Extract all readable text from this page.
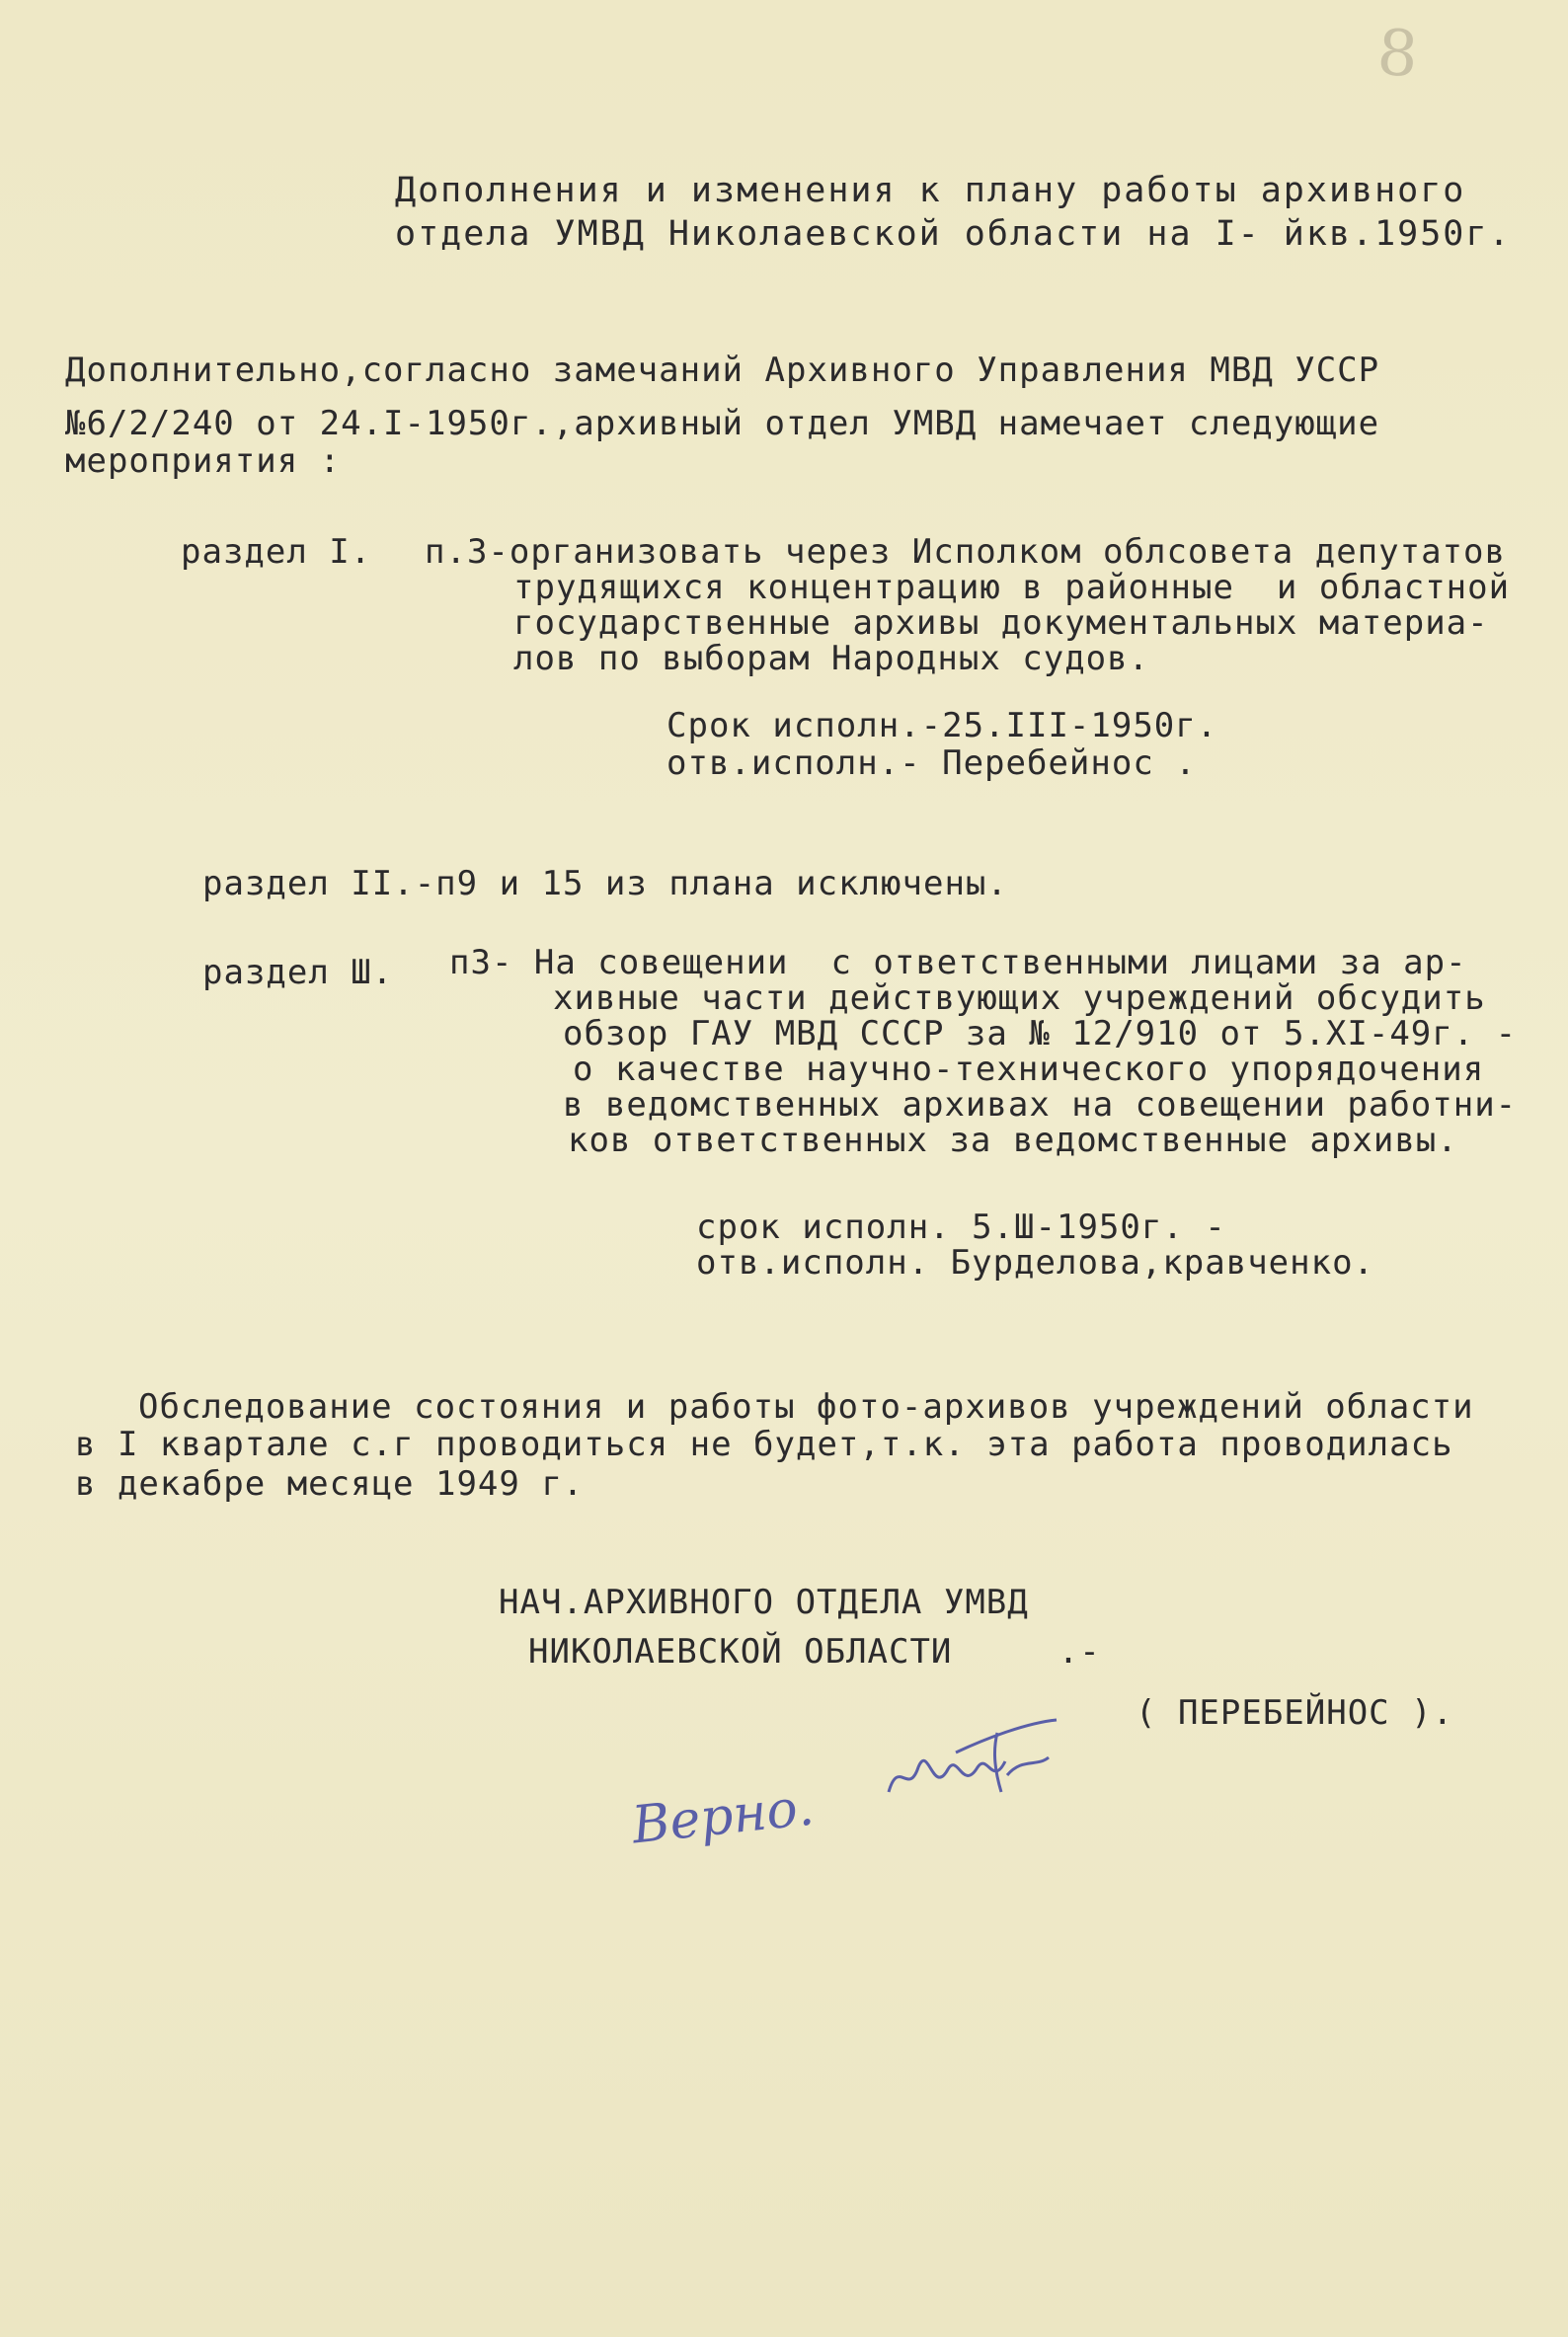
8
Дополнения и изменения к плану работы архивного
отдела УМВД Николаевской области на I- йкв.1950г.
Дополнительно,согласно замечаний Архивного Управления МВД УССР
№6/2/240 от 24.I-1950г.,архивный отдел УМВД намечает следующие
мероприятия :
раздел I. п.3-организовать через Исполком облсовета депутатов
трудящихся концентрацию в районные  и областной
государственные архивы документальных материа-
лов по выборам Народных судов.
Срок исполн.-25.III-1950г.
отв.исполн.- Перебейнос .
раздел II.-п9 и 15 из плана исключены.
раздел Ш. п3- На совещении  с ответственными лицами за ар-
хивные части действующих учреждений обсудить
обзор ГАУ МВД СССР за № 12/910 от 5.XI-49г. -
о качестве научно-технического упорядочения
в ведомственных архивах на совещении работни-
ков ответственных за ведомственные архивы.
срок исполн. 5.Ш-1950г. -
отв.исполн. Бурделова,кравченко.
Обследование состояния и работы фото-архивов учреждений области
в I квартале с.г проводиться не будет,т.к. эта работа проводилась
в декабре месяце 1949 г.
НАЧ.АРХИВНОГО ОТДЕЛА УМВД
НИКОЛАЕВСКОЙ ОБЛАСТИ     .-
( ПЕРЕБЕЙНОС ).
Верно.
